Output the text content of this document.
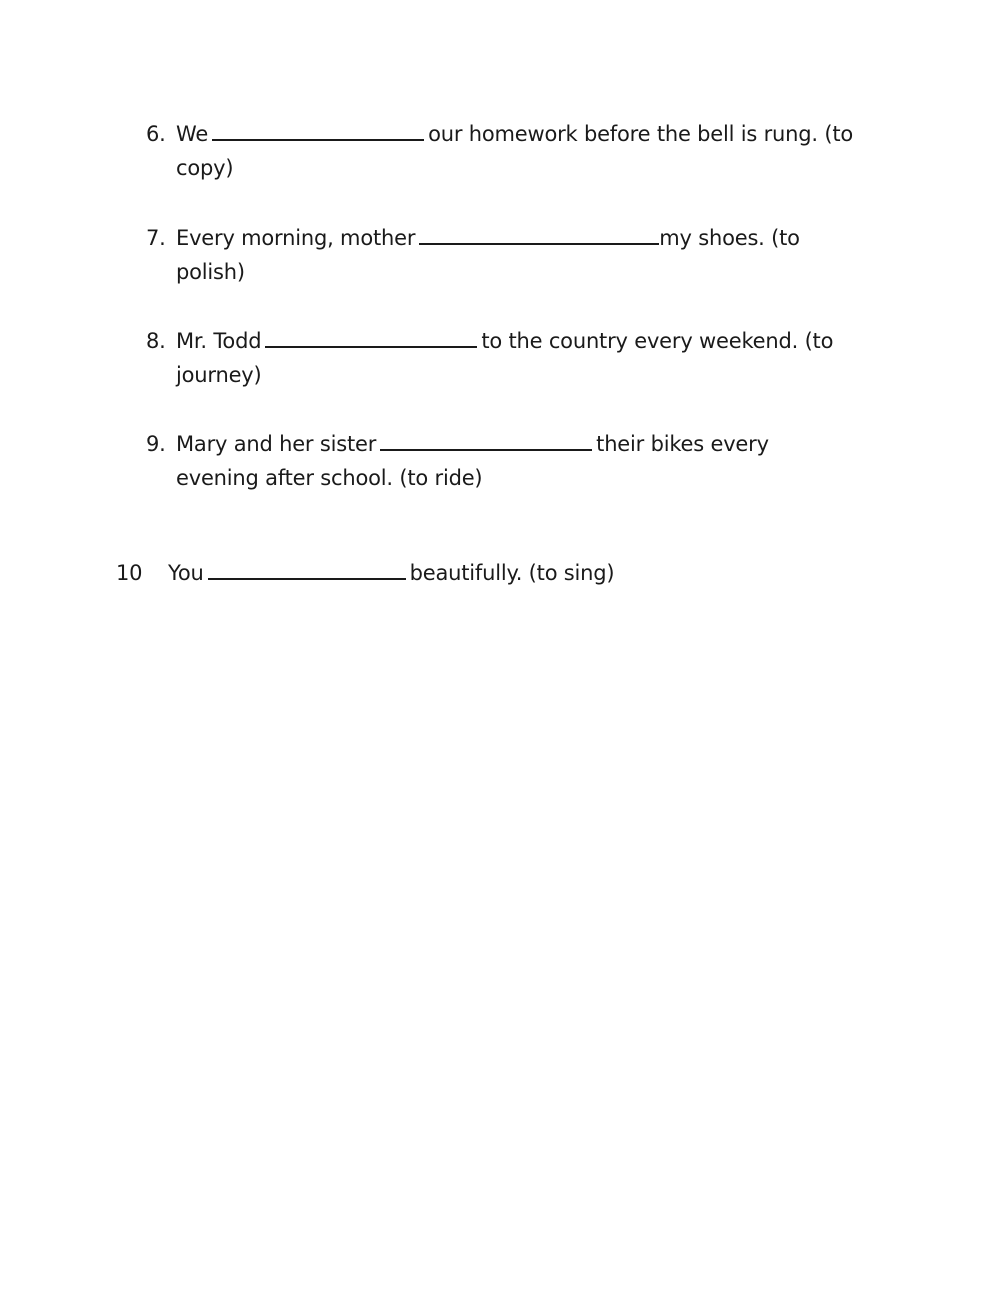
6. We	our homework before the bell is rung. (to
copy)
7. Every morning, mother	my shoes. (to
polish)
8. Mr. Todd	to the country every weekend. (to
journey)
9. Mary and her sister	their bikes every
evening after school. (to ride)
10 You	beautifully. (to sing)
